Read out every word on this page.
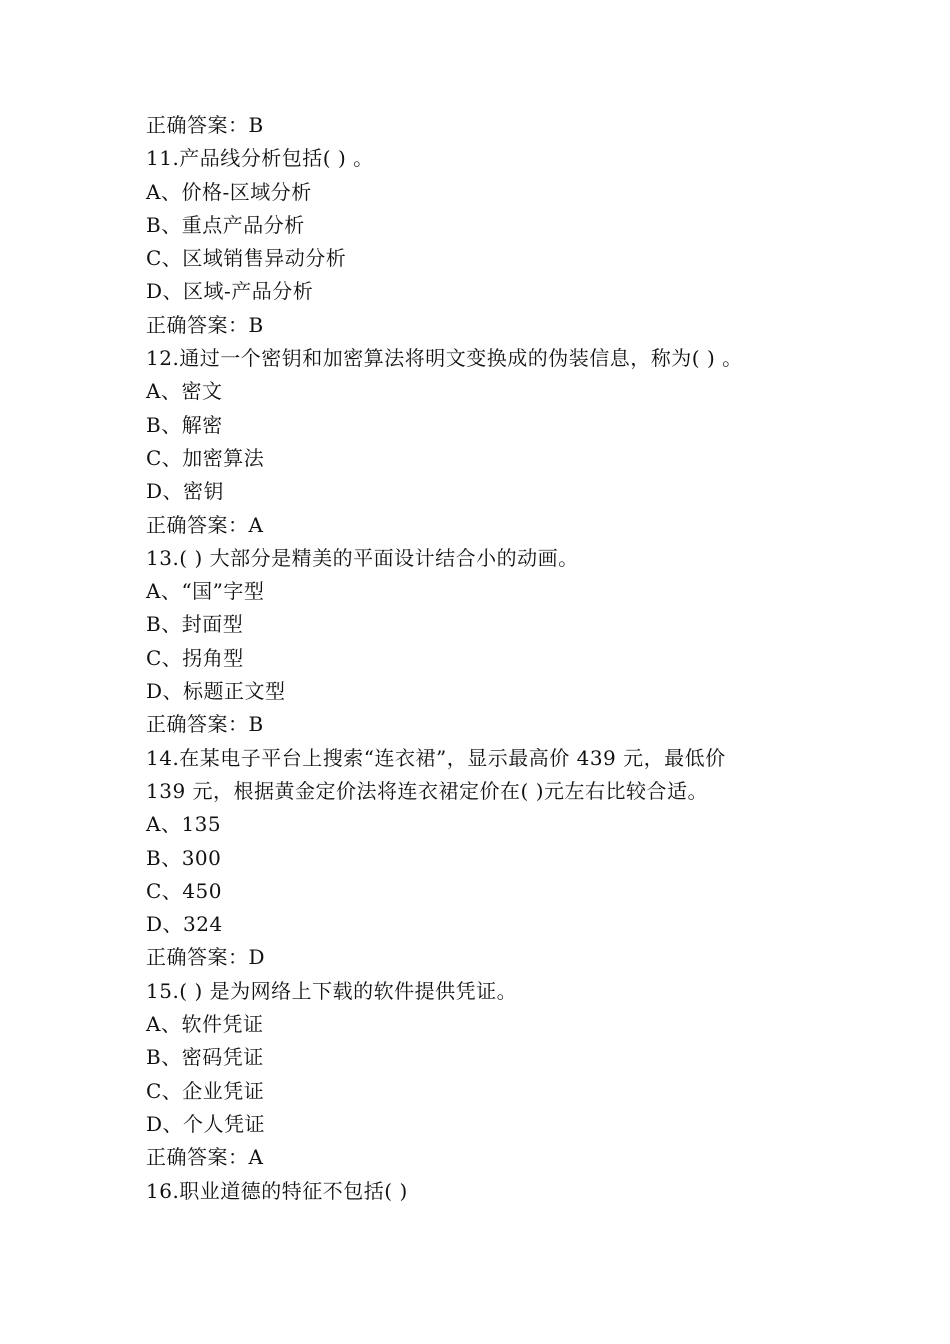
正确答案：B
11.产品线分析包括( ) 。
A、价格-区域分析
B、重点产品分析
C、区域销售异动分析
D、区域-产品分析
正确答案：B
12.通过一个密钥和加密算法将明文变换成的伪装信息，称为( ) 。
A、密文
B、解密
C、加密算法
D、密钥
正确答案：A
13.( ) 大部分是精美的平面设计结合小的动画。
A、“国”字型
B、封面型
C、拐角型
D、标题正文型
正确答案：B
14.在某电子平台上搜索“连衣裙”，显示最高价 439 元，最低价
139 元，根据黄金定价法将连衣裙定价在( )元左右比较合适。
A、135
B、300
C、450
D、324
正确答案：D
15.( ) 是为网络上下载的软件提供凭证。
A、软件凭证
B、密码凭证
C、企业凭证
D、个人凭证
正确答案：A
16.职业道德的特征不包括( )
